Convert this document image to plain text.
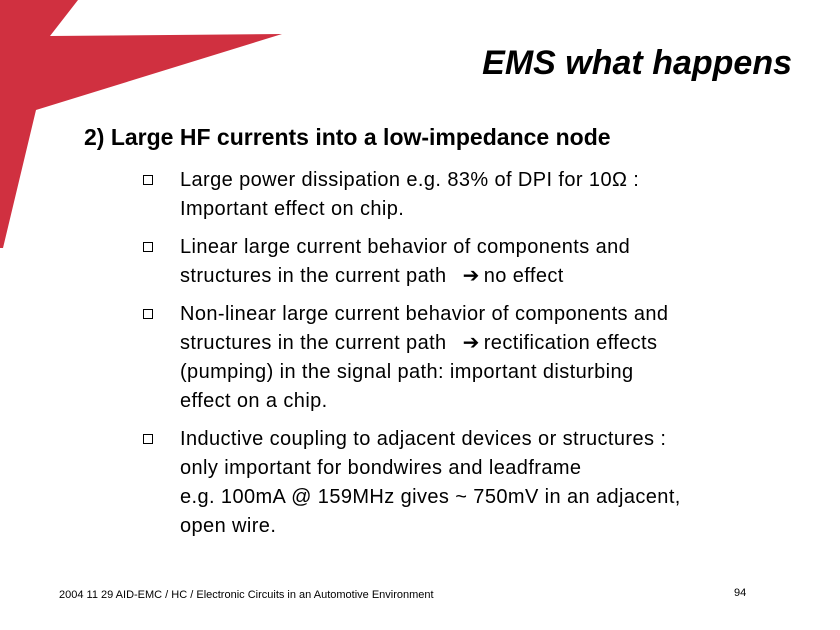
EMS what happens
2) Large HF currents into a low-impedance node
Large power dissipation e.g. 83% of DPI for 10Ω :
Important effect on chip.
Linear large current behavior of components and
structures in the current path ➔ no effect
Non-linear large current behavior of components and
structures in the current path ➔ rectification effects
(pumping) in the signal path: important disturbing
effect on a chip.
Inductive coupling to adjacent devices or structures :
only important for bondwires and leadframe
e.g. 100mA @ 159MHz gives ~ 750mV in an adjacent,
open wire.
2004 11 29 AID-EMC / HC / Electronic Circuits in an Automotive Environment	94
